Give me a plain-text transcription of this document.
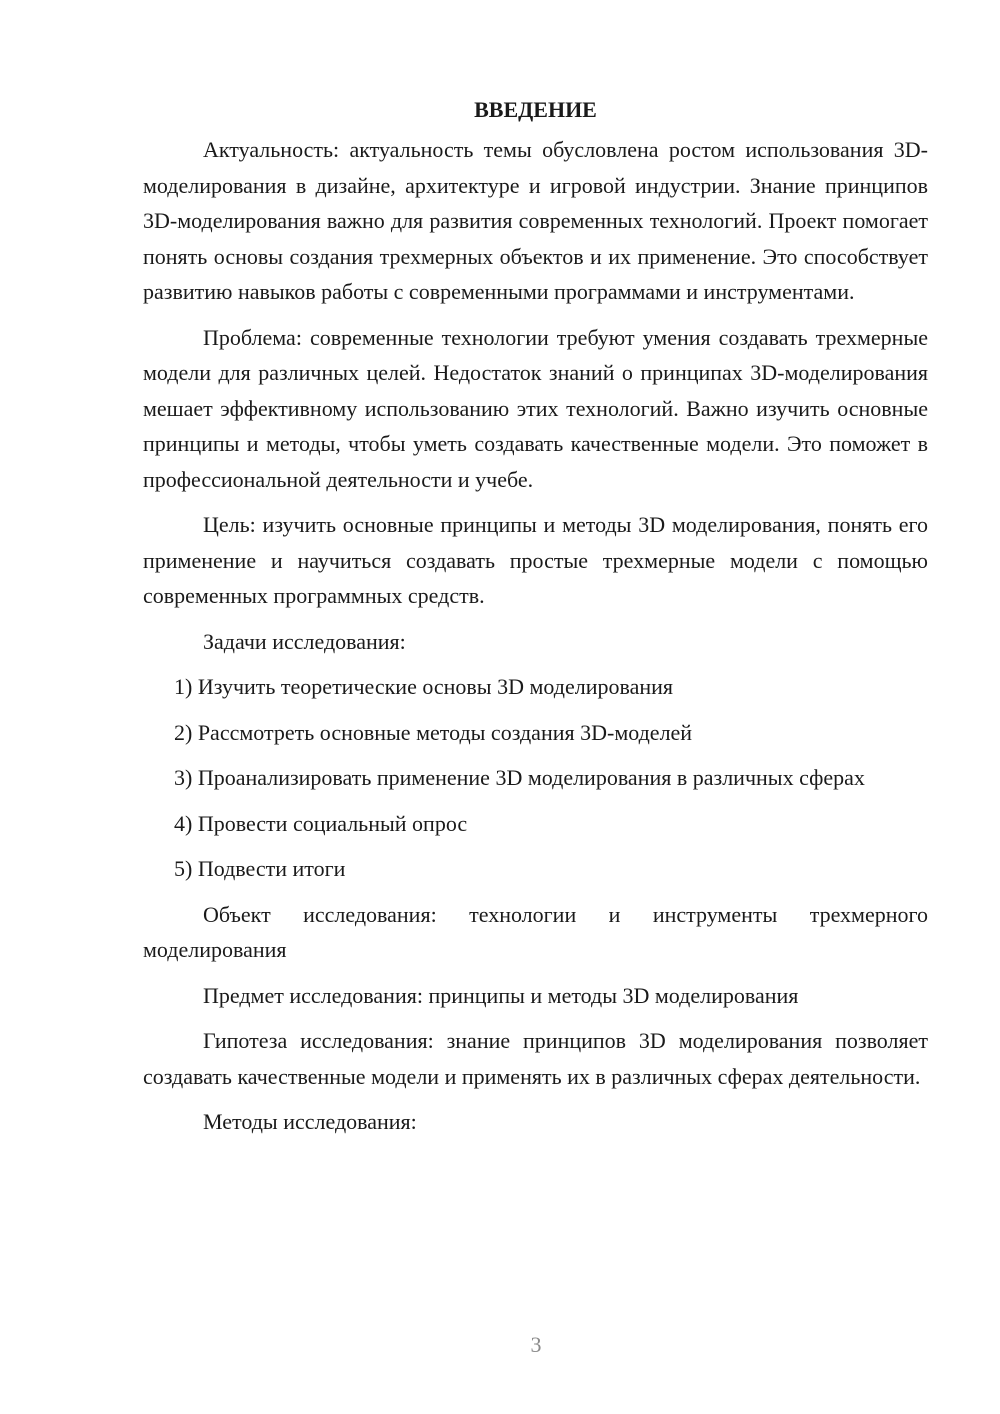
ВВЕДЕНИЕ

Актуальность: актуальность темы обусловлена ростом использования 3D-моделирования в дизайне, архитектуре и игровой индустрии. Знание принципов 3D-моделирования важно для развития современных технологий. Проект помогает понять основы создания трехмерных объектов и их применение. Это способствует развитию навыков работы с современными программами и инструментами.

Проблема: современные технологии требуют умения создавать трехмерные модели для различных целей. Недостаток знаний о принципах 3D-моделирования мешает эффективному использованию этих технологий. Важно изучить основные принципы и методы, чтобы уметь создавать качественные модели. Это поможет в профессиональной деятельности и учебе.

Цель: изучить основные принципы и методы 3D моделирования, понять его применение и научиться создавать простые трехмерные модели с помощью современных программных средств.

Задачи исследования:

1) Изучить теоретические основы 3D моделирования

2) Рассмотреть основные методы создания 3D-моделей

3) Проанализировать применение 3D моделирования в различных сферах

4) Провести социальный опрос

5) Подвести итоги

Объект исследования: технологии и инструменты трехмерного моделирования

Предмет исследования: принципы и методы 3D моделирования

Гипотеза исследования: знание принципов 3D моделирования позволяет создавать качественные модели и применять их в различных сферах деятельности.

Методы исследования:

3
